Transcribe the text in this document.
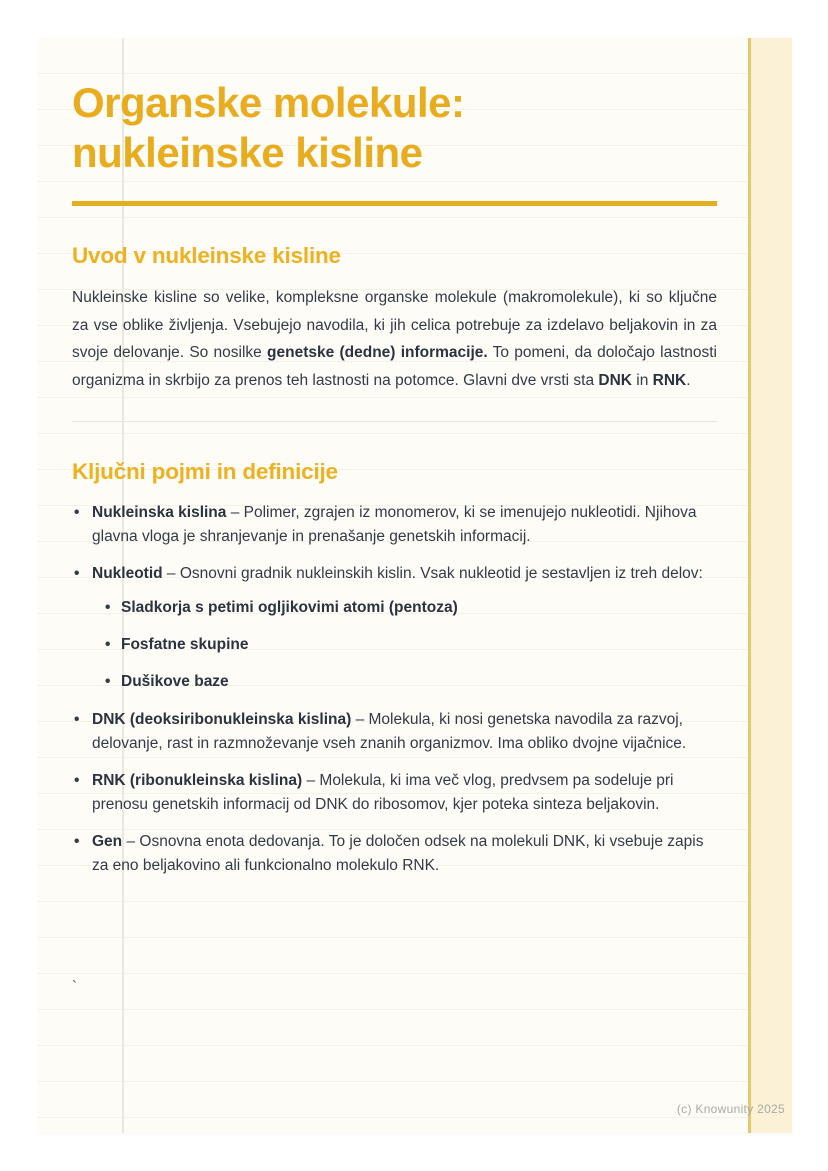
Organske molekule:
nukleinske kisline
Uvod v nukleinske kisline

Nukleinske kisline so velike, kompleksne organske molekule (makromolekule), ki so ključne za vse oblike življenja. Vsebujejo navodila, ki jih celica potrebuje za izdelavo beljakovin in za svoje delovanje. So nosilke genetske (dedne) informacije. To pomeni, da določajo lastnosti organizma in skrbijo za prenos teh lastnosti na potomce. Glavni dve vrsti sta DNK in RNK.

Ključni pojmi in definicije
• Nukleinska kislina – Polimer, zgrajen iz monomerov, ki se imenujejo nukleotidi. Njihova glavna vloga je shranjevanje in prenašanje genetskih informacij.
• Nukleotid – Osnovni gradnik nukleinskih kislin. Vsak nukleotid je sestavljen iz treh delov:
• Sladkorja s petimi ogljikovimi atomi (pentoza)
• Fosfatne skupine
• Dušikove baze
• DNK (deoksiribonukleinska kislina) – Molekula, ki nosi genetska navodila za razvoj, delovanje, rast in razmnoževanje vseh znanih organizmov. Ima obliko dvojne vijačnice.
• RNK (ribonukleinska kislina) – Molekula, ki ima več vlog, predvsem pa sodeluje pri prenosu genetskih informacij od DNK do ribosomov, kjer poteka sinteza beljakovin.
• Gen – Osnovna enota dedovanja. To je določen odsek na molekuli DNK, ki vsebuje zapis za eno beljakovino ali funkcionalno molekulo RNK.
`
(c) Knowunity 2025
